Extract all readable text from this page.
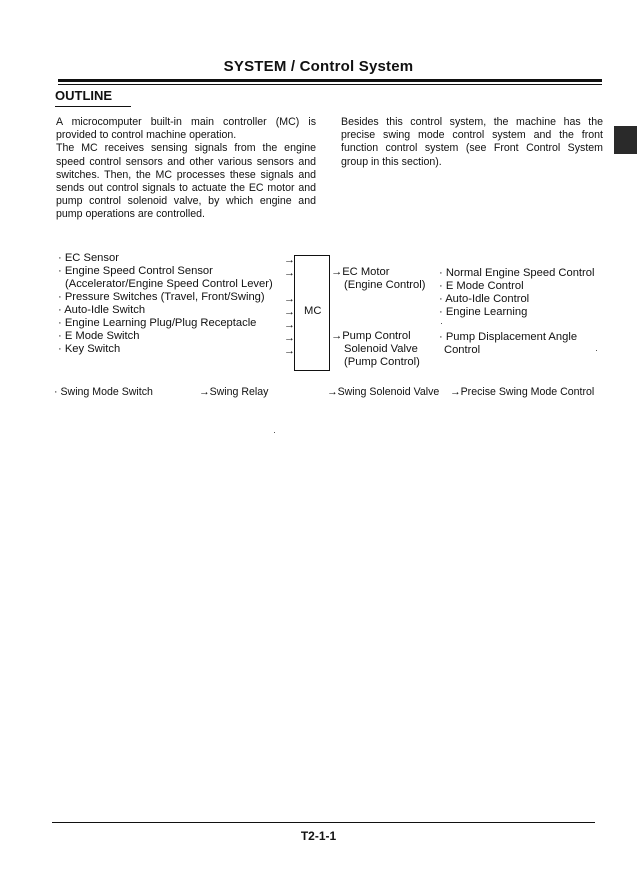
SYSTEM / Control System
OUTLINE

A microcomputer built-in main controller (MC) is provided to control machine operation.

The MC receives sensing signals from the engine speed control sensors and other various sensors and switches. Then, the MC processes these signals and sends out control signals to actuate the EC motor and pump control solenoid valve, by which engine and pump operations are controlled.

Besides this control system, the machine has the precise swing mode control system and the front function control system (see Front Control System group in this section).

· EC Sensor
· Engine Speed Control Sensor
(Accelerator/Engine Speed Control Lever)
· Pressure Switches (Travel, Front/Swing)
· Auto-Idle Switch
· Engine Learning Plug/Plug Receptacle
· E Mode Switch
· Key Switch
→
→
→
→
→
→
→
MC
→EC Motor
(Engine Control)
→Pump Control
Solenoid Valve
(Pump Control)
· Normal Engine Speed Control
· E Mode Control
· Auto-Idle Control
· Engine Learning
· Pump Displacement Angle
Control
· Swing Mode Switch	→Swing Relay	→Swing Solenoid Valve →Precise Swing Mode Control
T2-1-1
